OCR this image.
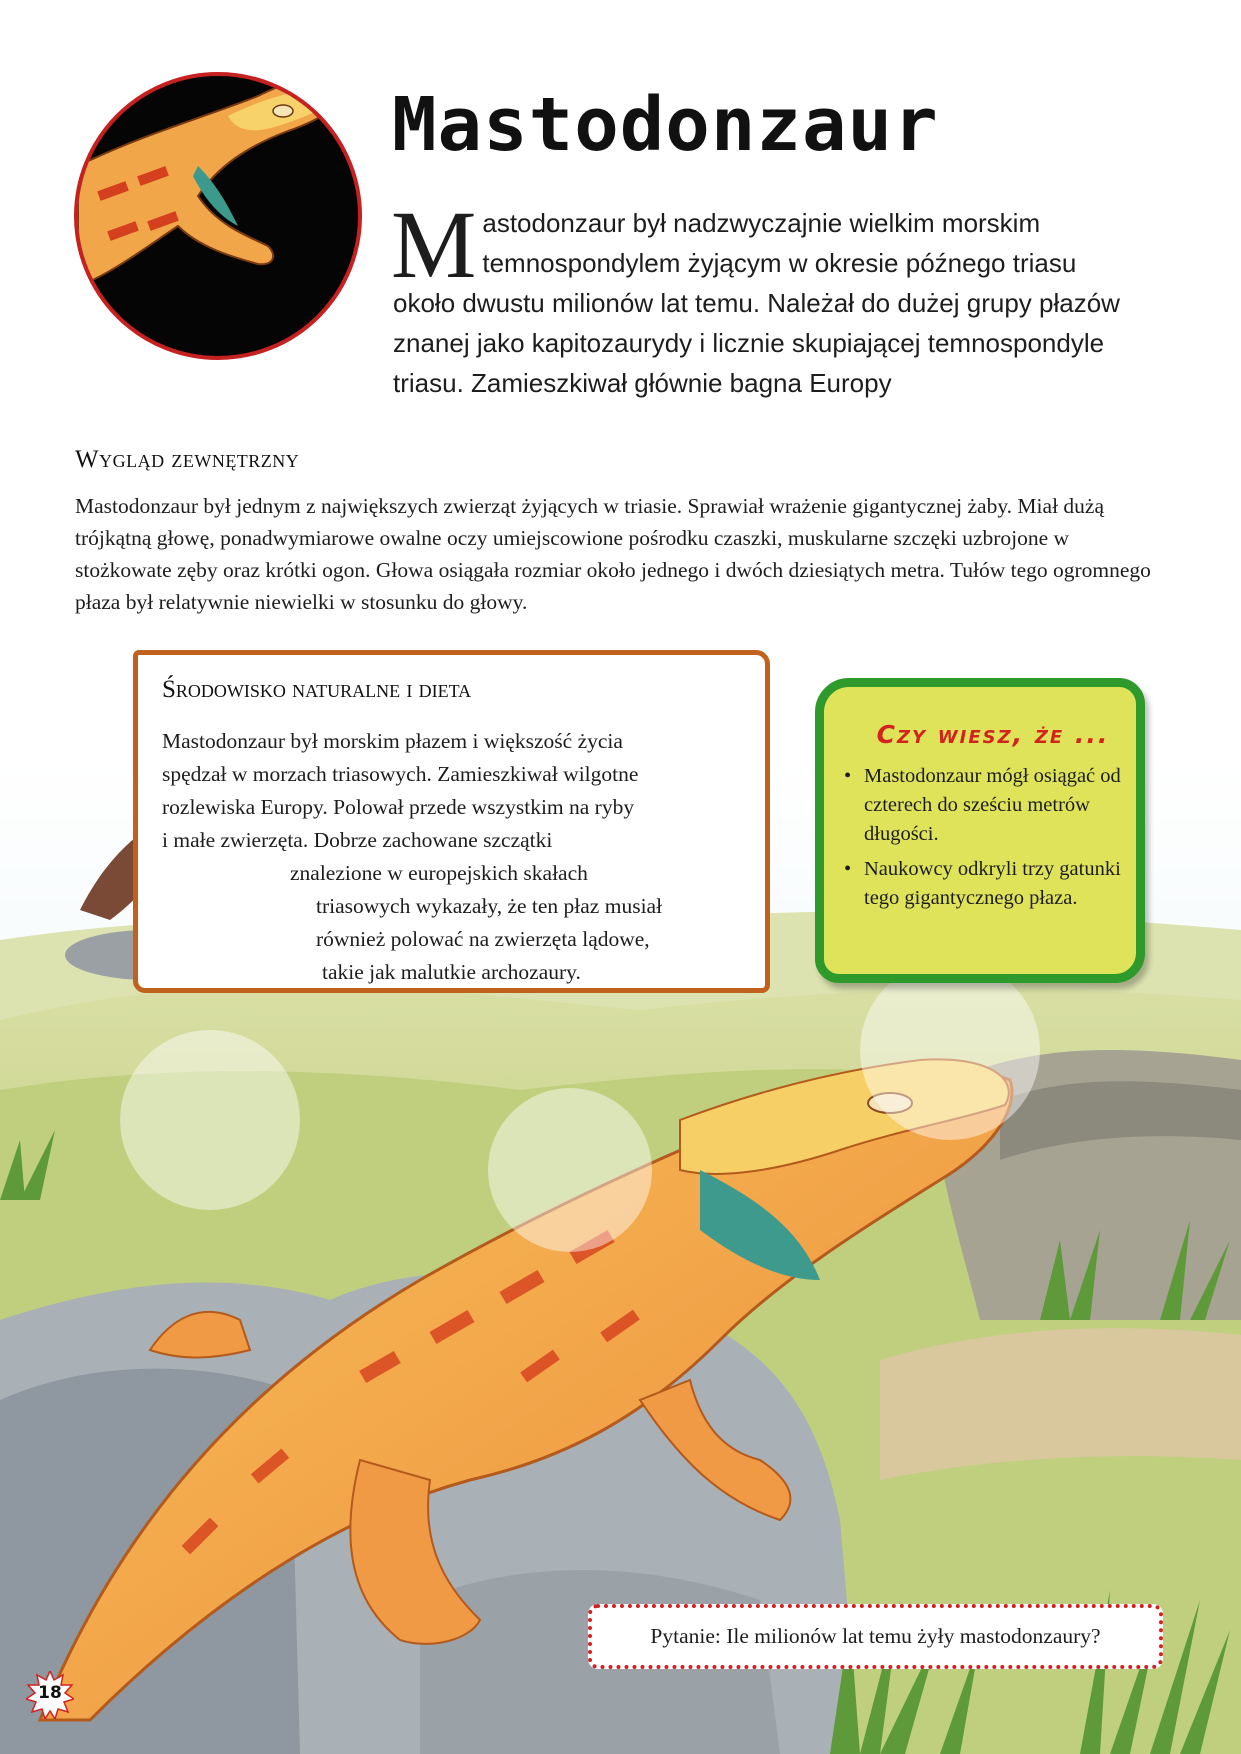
Mastodonzaur

Mastodonzaur był nadzwyczajnie wielkim morskim temnospondylem żyjącym w okresie późnego triasu około dwustu milionów lat temu. Należał do dużej grupy płazów znanej jako kapitozaurydy i licznie skupiającej temnospondyle triasu. Zamieszkiwał głównie bagna Europy

Wygląd zewnętrzny

Mastodonzaur był jednym z największych zwierząt żyjących w triasie. Sprawiał wrażenie gigantycznej żaby. Miał dużą trójkątną głowę, ponadwymiarowe owalne oczy umiejscowione pośrodku czaszki, muskularne szczęki uzbrojone w stożkowate zęby oraz krótki ogon. Głowa osiągała rozmiar około jednego i dwóch dziesiątych metra. Tułów tego ogromnego płaza był relatywnie niewielki w stosunku do głowy.

Środowisko naturalne i dieta
Mastodonzaur był morskim płazem i większość życia
spędzał w morzach triasowych. Zamieszkiwał wilgotne
rozlewiska Europy. Polował przede wszystkim na ryby
i małe zwierzęta. Dobrze zachowane szczątki
znalezione w europejskich skałach
triasowych wykazały, że ten płaz musiał
również polować na zwierzęta lądowe,
takie jak malutkie archozaury.
Czy wiesz, że ...
• Mastodonzaur mógł osiągać od czterech do sześciu metrów długości.
• Naukowcy odkryli trzy gatunki tego gigantycznego płaza.
Pytanie: Ile milionów lat temu żyły mastodonzaury?
18
